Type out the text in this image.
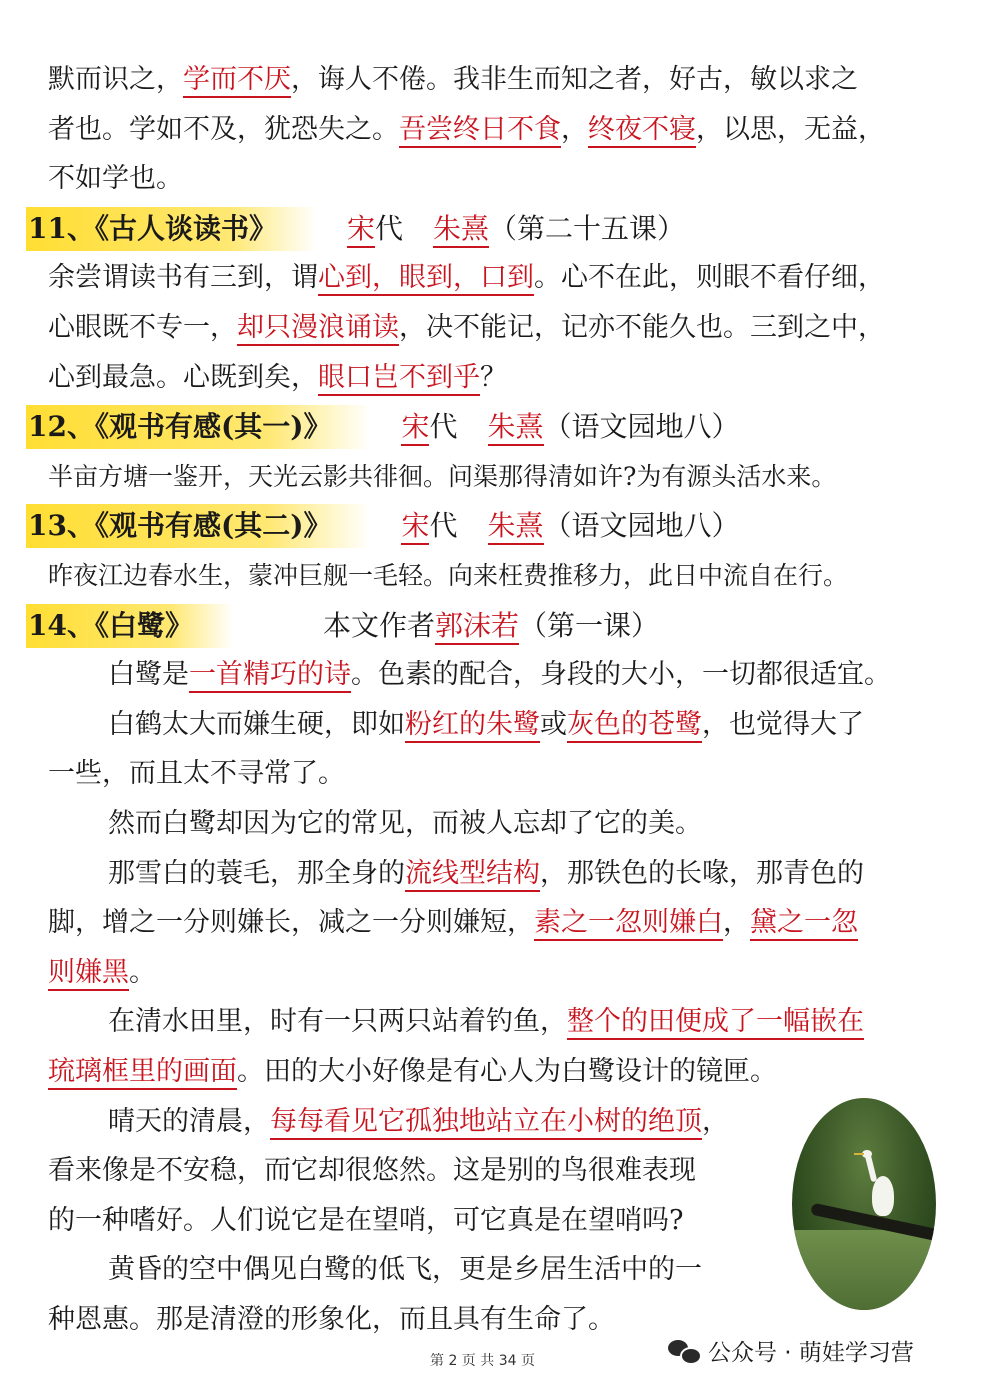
默而识之，学而不厌，诲人不倦。我非生而知之者，好古，敏以求之
者也。学如不及，犹恐失之。吾尝终日不食，终夜不寝，以思，无益，
不如学也。
11、《古人谈读书》	宋代 朱熹（第二十五课）
余尝谓读书有三到，谓心到，眼到，口到。心不在此，则眼不看仔细，
心眼既不专一，却只漫浪诵读，决不能记，记亦不能久也。三到之中，
心到最急。心既到矣，眼口岂不到乎？
12、《观书有感(其一)》	宋代 朱熹（语文园地八）
半亩方塘一鉴开，天光云影共徘徊。问渠那得清如许?为有源头活水来。
13、《观书有感(其二)》	宋代 朱熹（语文园地八）
昨夜江边春水生，蒙冲巨舰一毛轻。向来枉费推移力，此日中流自在行。
14、《白鹭》	本文作者郭沫若（第一课）
白鹭是一首精巧的诗。色素的配合，身段的大小，一切都很适宜。
白鹤太大而嫌生硬，即如粉红的朱鹭或灰色的苍鹭，也觉得大了
一些，而且太不寻常了。
然而白鹭却因为它的常见，而被人忘却了它的美。
那雪白的蓑毛，那全身的流线型结构，那铁色的长喙，那青色的
脚，增之一分则嫌长，减之一分则嫌短，素之一忽则嫌白，黛之一忽
则嫌黑。
在清水田里，时有一只两只站着钓鱼，整个的田便成了一幅嵌在
琉璃框里的画面。田的大小好像是有心人为白鹭设计的镜匣。
晴天的清晨，每每看见它孤独地站立在小树的绝顶，
看来像是不安稳，而它却很悠然。这是别的鸟很难表现
的一种嗜好。人们说它是在望哨，可它真是在望哨吗?
黄昏的空中偶见白鹭的低飞，更是乡居生活中的一
种恩惠。那是清澄的形象化，而且具有生命了。
第 2 页 共 34 页	公众号 · 萌娃学习营
